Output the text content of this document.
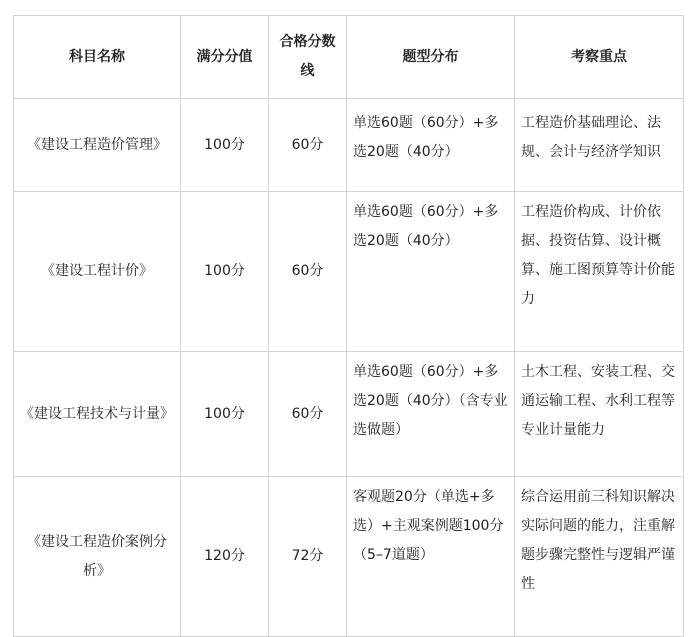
科目名称	满分分值	合格分数线	题型分布	考察重点
《建设工程造价管理》	100分	60分	单选60题（60分）+多选20题（40分）	工程造价基础理论、法规、会计与经济学知识
《建设工程计价》	100分	60分	单选60题（60分）+多选20题（40分）	工程造价构成、计价依据、投资估算、设计概算、施工图预算等计价能力
《建设工程技术与计量》	100分	60分	单选60题（60分）+多选20题（40分）（含专业选做题）	土木工程、安装工程、交通运输工程、水利工程等专业计量能力
《建设工程造价案例分析》	120分	72分	客观题20分（单选+多选）+主观案例题100分（5–7道题）	综合运用前三科知识解决实际问题的能力，注重解题步骤完整性与逻辑严谨性
